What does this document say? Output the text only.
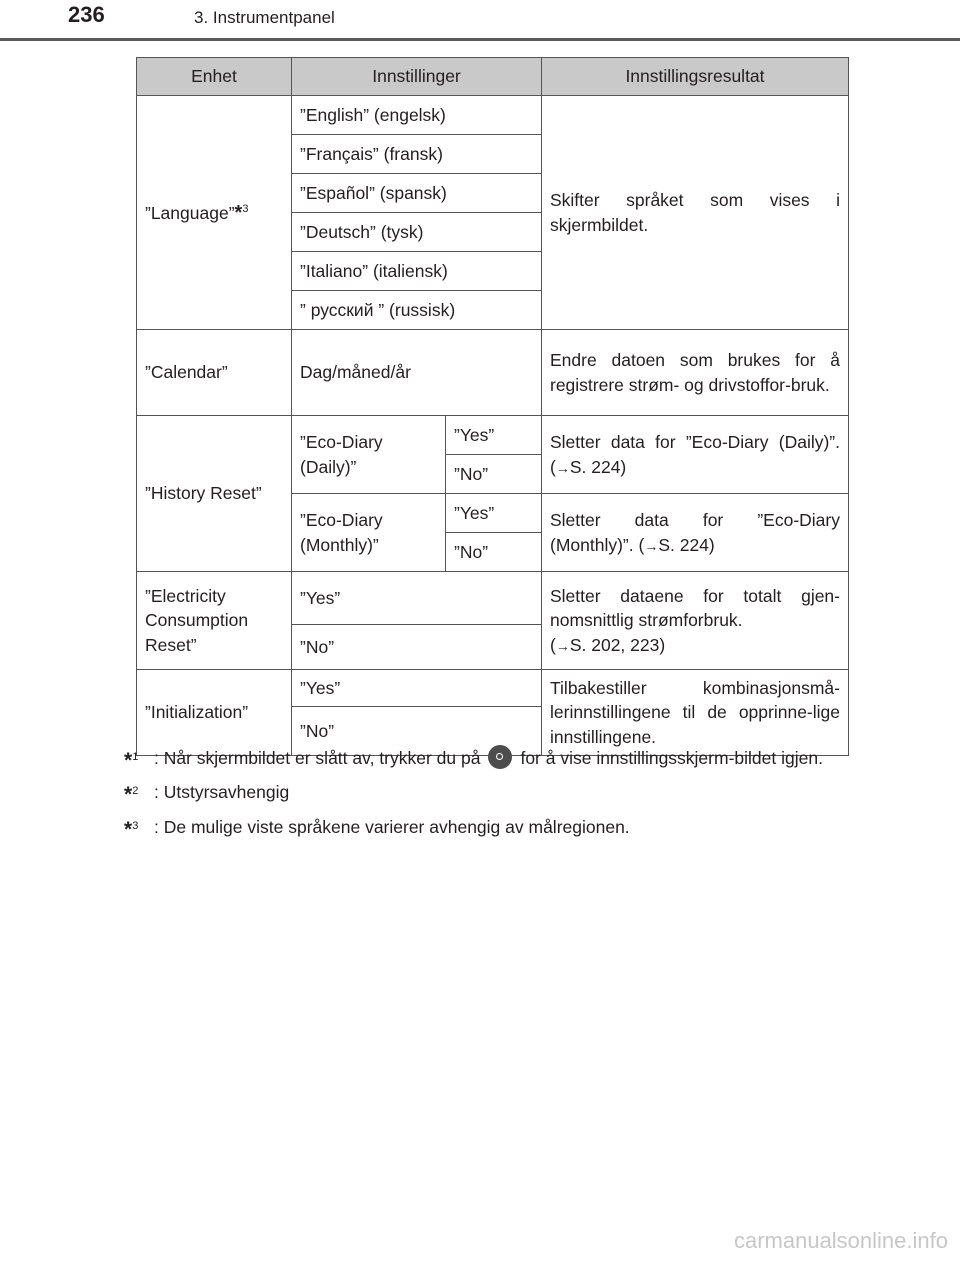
236	3. Instrumentpanel
Enhet	Innstillinger		Innstillingsresultat
”Language”*$^3$	”English” (engelsk)		Skifter språket som vises i skjermbildet.
	”Français” (fransk)		
	”Español” (spansk)		
	”Deutsch” (tysk)		
	”Italiano” (italiensk)		
	” русский ” (russisk)		
”Calendar”	Dag/måned/år		Endre datoen som brukes for å registrere strøm- og drivstoffor-bruk.
”History Reset”	”Eco-Diary (Daily)”	”Yes”	Sletter data for ”Eco-Diary (Daily)”. (→S. 224)
		”No”	
	”Eco-Diary (Monthly)”	”Yes”	Sletter data for ”Eco-Diary (Monthly)”. (→S. 224)
		”No”	
”Electricity Consumption Reset”	”Yes”		Sletter dataene for totalt gjen-nomsnittlig strømforbruk.
(→S. 202, 223)
	”No”		
”Initialization”	”Yes”		Tilbakestiller kombinasjonsmå-lerinnstillingene til de opprinne-lige innstillingene.
	”No”		
*$^1$ : Når skjermbildet er slått av, trykker du på for å vise innstillingsskjerm-bildet igjen.
*$^2$ : Utstyrsavhengig
*$^3$ : De mulige viste språkene varierer avhengig av målregionen.
carmanualsonline.info
